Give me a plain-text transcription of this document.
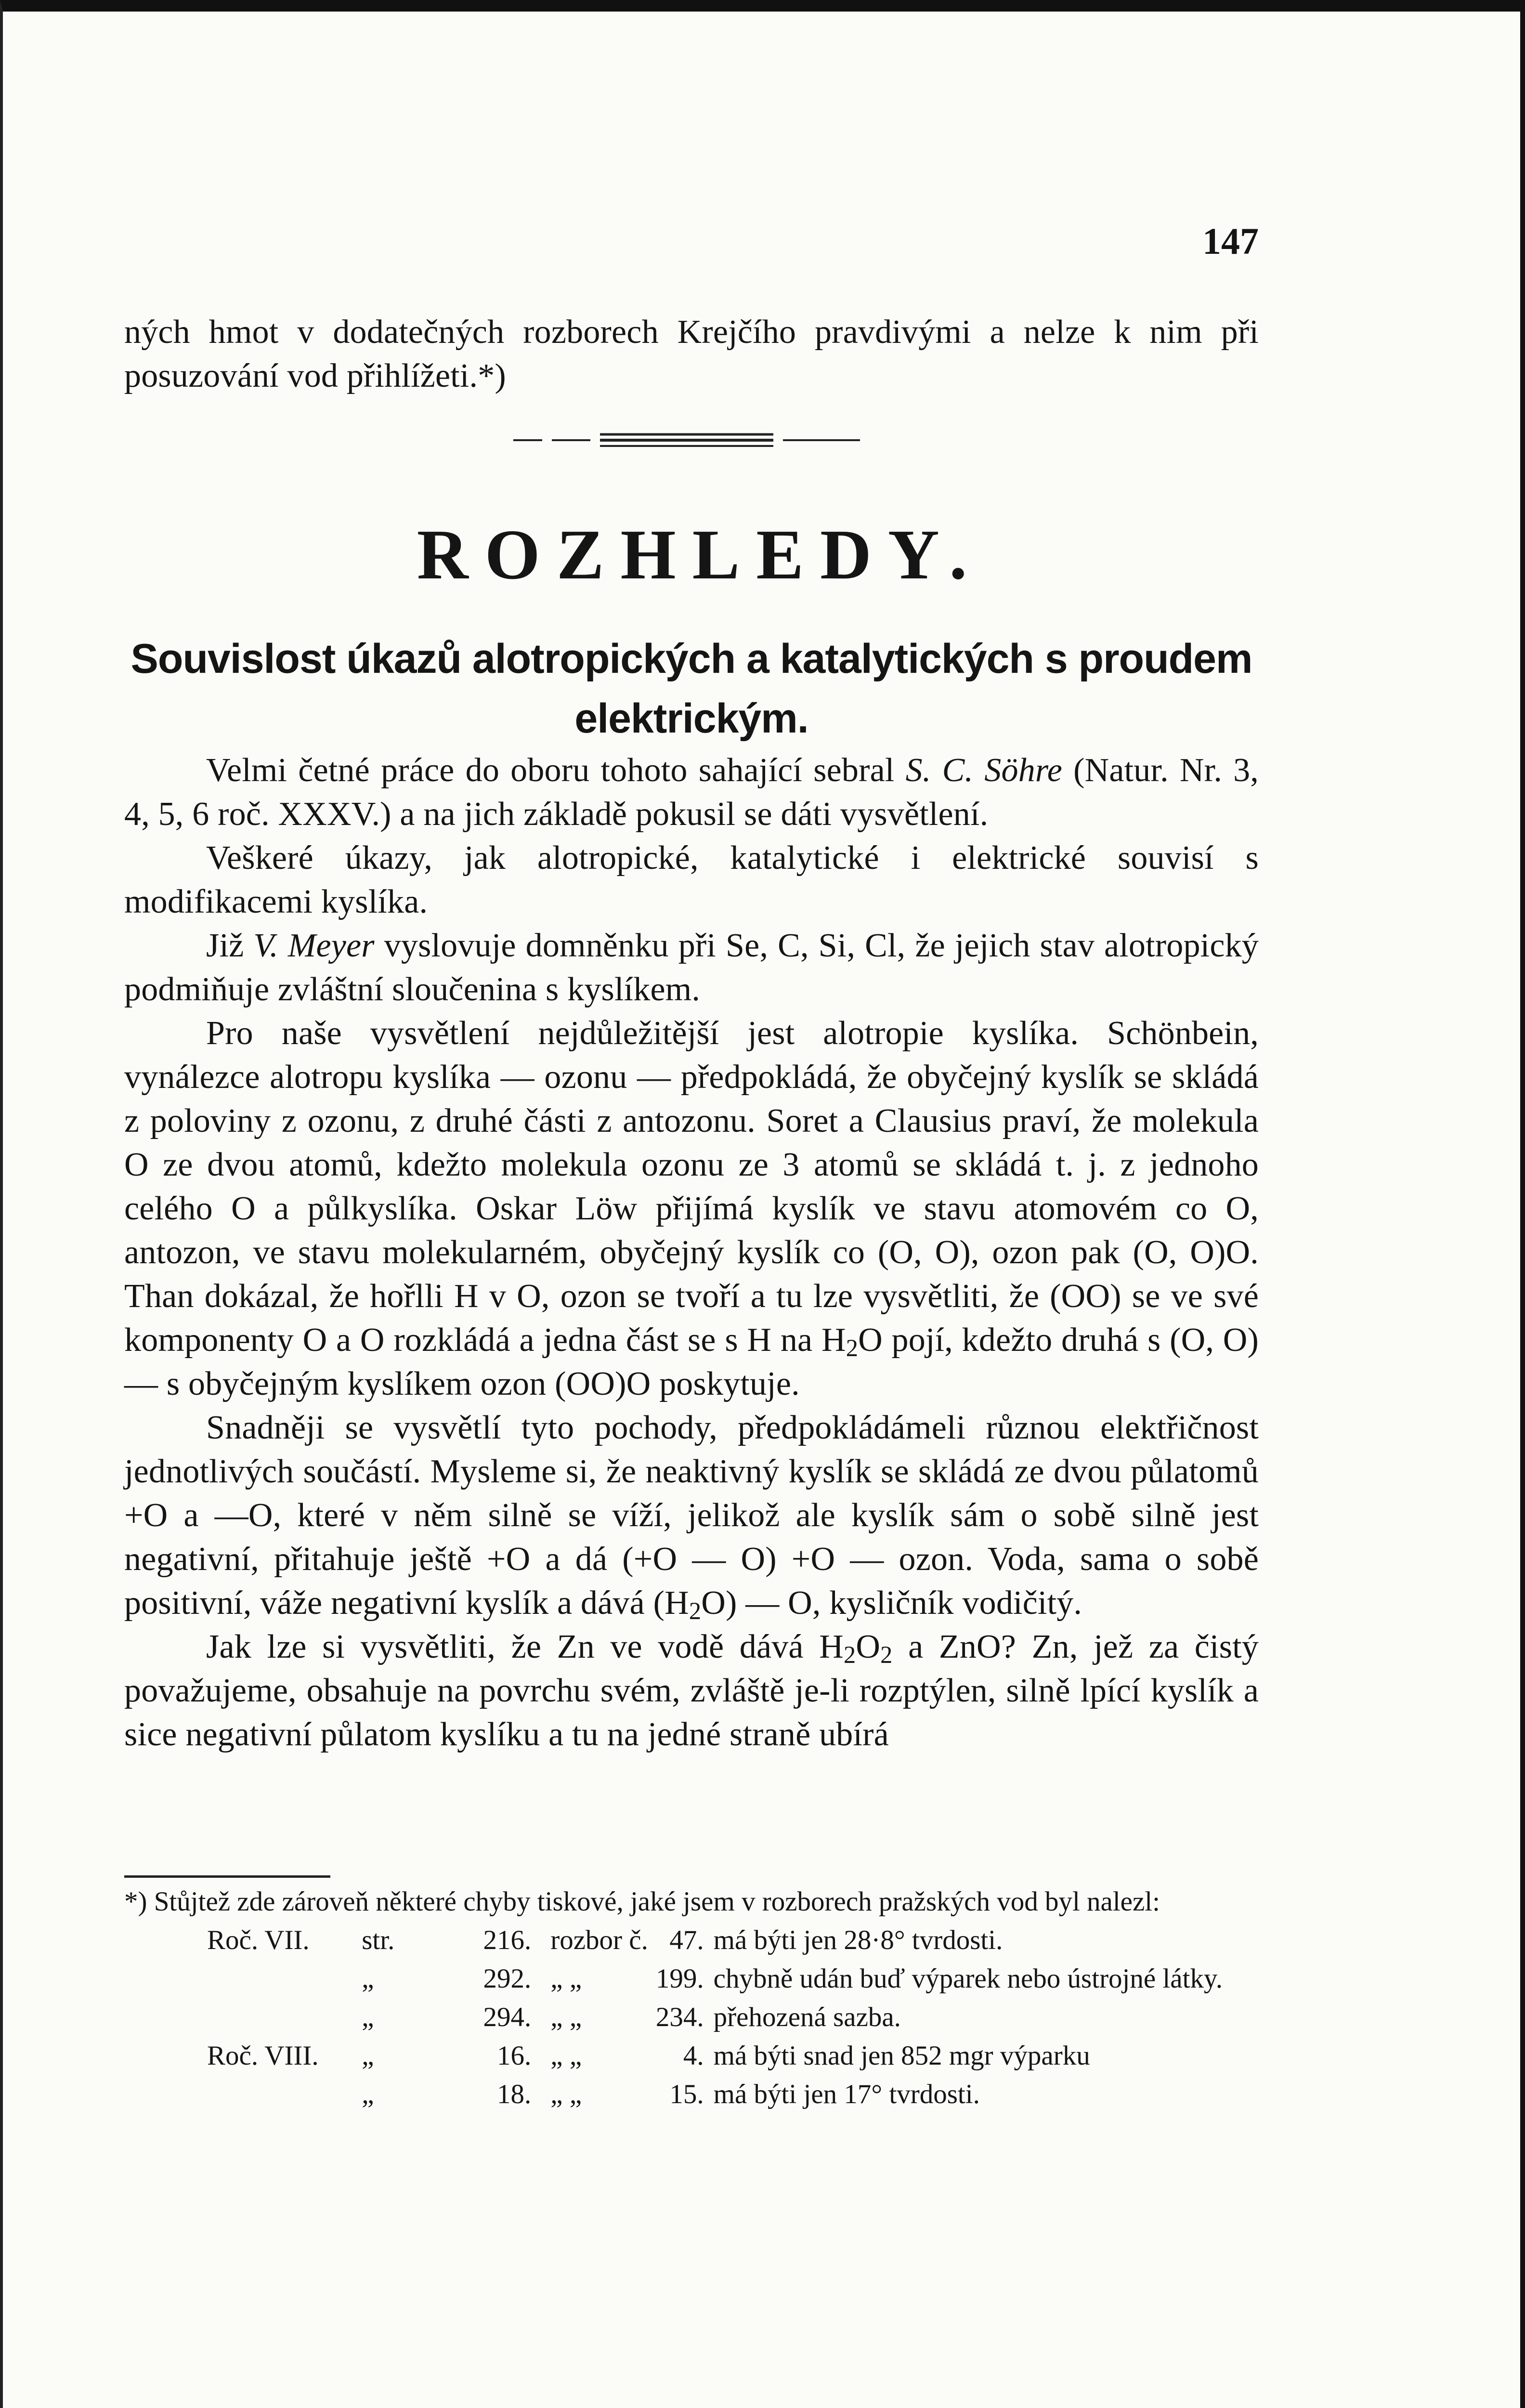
147
ných hmot v dodatečných rozborech Krejčího pravdivými a nelze k nim při posuzování vod přihlížeti.*)
ROZHLEDY.
Souvislost úkazů alotropických a katalytických s proudem elektrickým.

Velmi četné práce do oboru tohoto sahající sebral S. C. Söhre (Natur. Nr. 3, 4, 5, 6 roč. XXXV.) a na jich základě pokusil se dáti vysvětlení.

Veškeré úkazy, jak alotropické, katalytické i elektrické souvisí s modifikacemi kyslíka.

Již V. Meyer vyslovuje domněnku při Se, C, Si, Cl, že jejich stav alotropický podmiňuje zvláštní sloučenina s kyslíkem.

Pro naše vysvětlení nejdůležitější jest alotropie kyslíka. Schönbein, vynálezce alotropu kyslíka — ozonu — předpokládá, že obyčejný kyslík se skládá z poloviny z ozonu, z druhé části z antozonu. Soret a Clausius praví, že molekula O ze dvou atomů, kdežto molekula ozonu ze 3 atomů se skládá t. j. z jednoho celého O a půlkyslíka. Oskar Löw přijímá kyslík ve stavu atomovém co O, antozon, ve stavu molekularném, obyčejný kyslík co (O, O), ozon pak (O, O)O. Than dokázal, že hořlli H v O, ozon se tvoří a tu lze vysvětliti, že (OO) se ve své komponenty O a O rozkládá a jedna část se s H na $H_2O$ pojí, kdežto druhá s (O, O) — s obyčejným kyslíkem ozon (OO)O poskytuje.

Snadněji se vysvětlí tyto pochody, předpokládámeli různou elektřičnost jednotlivých součástí. Mysleme si, že neaktivný kyslík se skládá ze dvou půlatomů +O a —O, které v něm silně se víží, jelikož ale kyslík sám o sobě silně jest negativní, přitahuje ještě +O a dá (+O — O) +O — ozon. Voda, sama o sobě positivní, váže negativní kyslík a dává $(H_2O)$ — O, kysličník vodičitý.

Jak lze si vysvětliti, že Zn ve vodě dává $H_2O_2$ a ZnO? Zn, jež za čistý považujeme, obsahuje na povrchu svém, zvláště je-li rozptýlen, silně lpící kyslík a sice negativní půlatom kyslíku a tu na jedné straně ubírá

*) Stůjtež zde zároveň některé chyby tiskové, jaké jsem v rozborech pražských vod byl nalezl:

Roč. VII.	str.	216.	rozbor č.	47.	má býti jen 28·8° tvrdosti.
	„	292.	„ „	199.	chybně udán buď výparek nebo ústrojné látky.
	„	294.	„ „	234.	přehozená sazba.
Roč. VIII.	„	16.	„ „	4.	má býti snad jen 852 mgr výparku
	„	18.	„ „	15.	má býti jen 17° tvrdosti.
